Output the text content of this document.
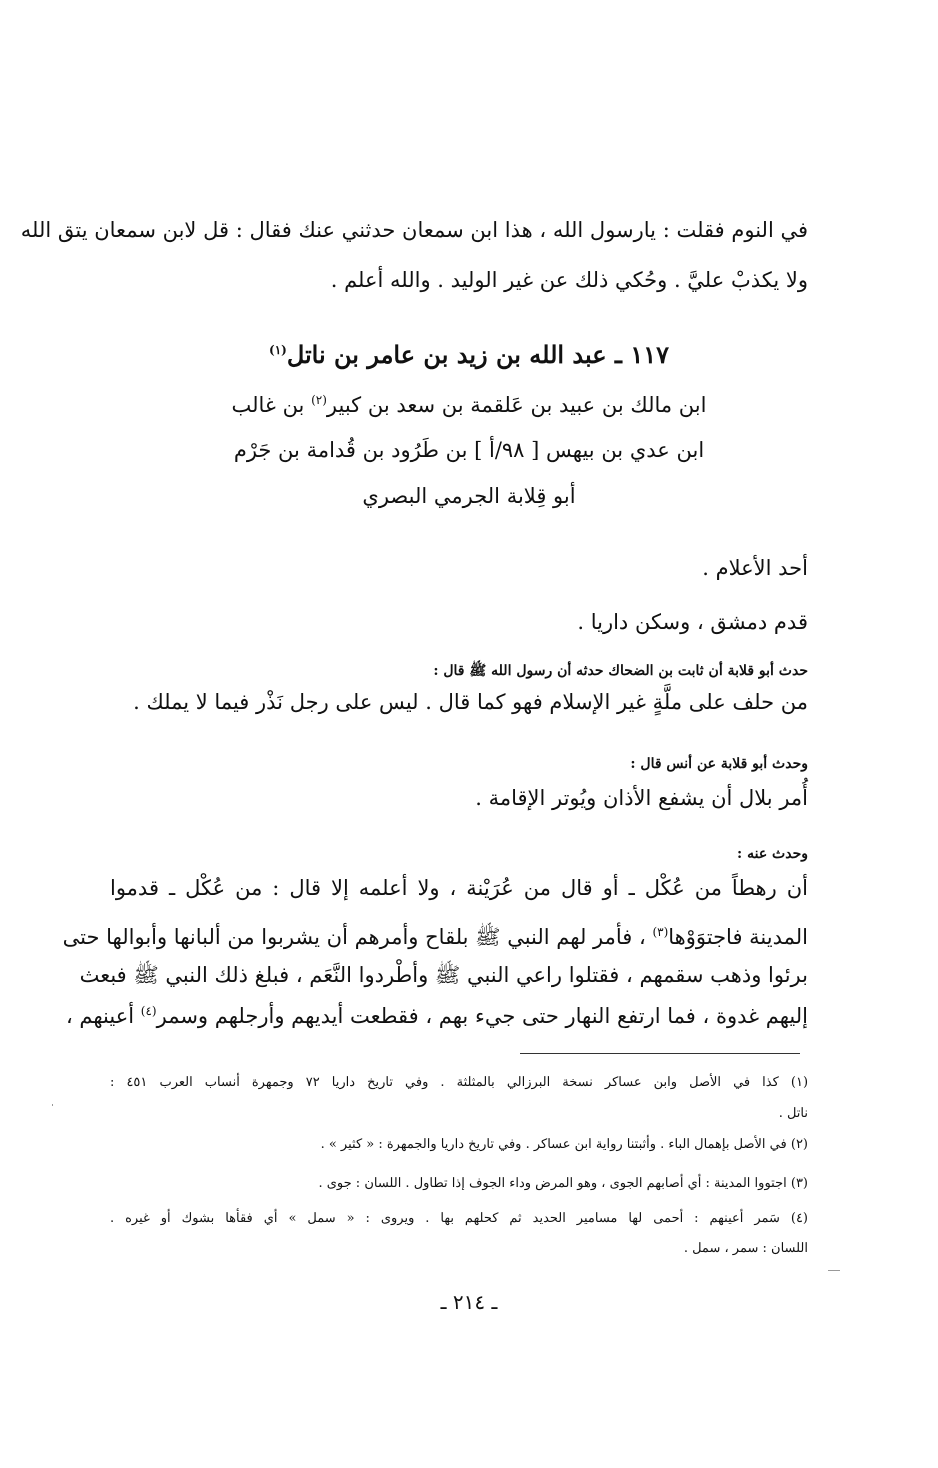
في النوم فقلت : يارسول الله ، هذا ابن سمعان حدثني عنك فقال : قل لابن سمعان يتق الله
ولا يكذبْ عليَّ . وحُكي ذلك عن غير الوليد . والله أعلم .
١١٧ ـ عبد الله بن زيد بن عامر بن ناتل$^{(١)}$
ابن مالك بن عبيد بن عَلقمة بن سعد بن كبير$^{(٢)}$ بن غالب
ابن عدي بن بيهس [ ٩٨/أ ] بن طَرُود بن قُدامة بن جَرْم
أبو قِلابة الجرمي البصري
أحد الأعلام .
قدم دمشق ، وسكن داريا .
حدث أبو قلابة أن ثابت بن الضحاك حدثه أن رسول الله ﷺ قال :
من حلف على ملَّةٍ غير الإسلام فهو كما قال . ليس على رجل نَذْر فيما لا يملك .
وحدث أبو قلابة عن أنس قال :
أُمر بلال أن يشفع الأذان ويُوتر الإقامة .
وحدث عنه :
أن رهطاً من عُكْل ـ أو قال من عُرَيْنة ، ولا أعلمه إلا قال : من عُكْل ـ قدموا
المدينة فاجتوَوْها$^{(٣)}$ ، فأمر لهم النبي ﷺ بلقاح وأمرهم أن يشربوا من ألبانها وأبوالها حتى
برئوا وذهب سقمهم ، فقتلوا راعي النبي ﷺ وأطْردوا النَّعَم ، فبلغ ذلك النبي ﷺ فبعث
إليهم غدوة ، فما ارتفع النهار حتى جيء بهم ، فقطعت أيديهم وأرجلهم وسمر$^{(٤)}$ أعينهم ،
(١) كذا في الأصل وابن عساكر نسخة البرزالي بالمثلثة . وفي تاريخ داريا ٧٢ وجمهرة أنساب العرب ٤٥١ :
ناتل .
(٢) في الأصل بإهمال الباء . وأثبتنا رواية ابن عساكر . وفي تاريخ داريا والجمهرة : « كثير » .
(٣) اجتووا المدينة : أي أصابهم الجوى ، وهو المرض وداء الجوف إذا تطاول . اللسان : جوى .
(٤) سَمر أعينهم : أحمى لها مسامير الحديد ثم كحلهم بها . ويروى : « سمل » أي فقأها بشوك أو غيره .
اللسان : سمر ، سمل .
ـ ٢١٤ ـ
